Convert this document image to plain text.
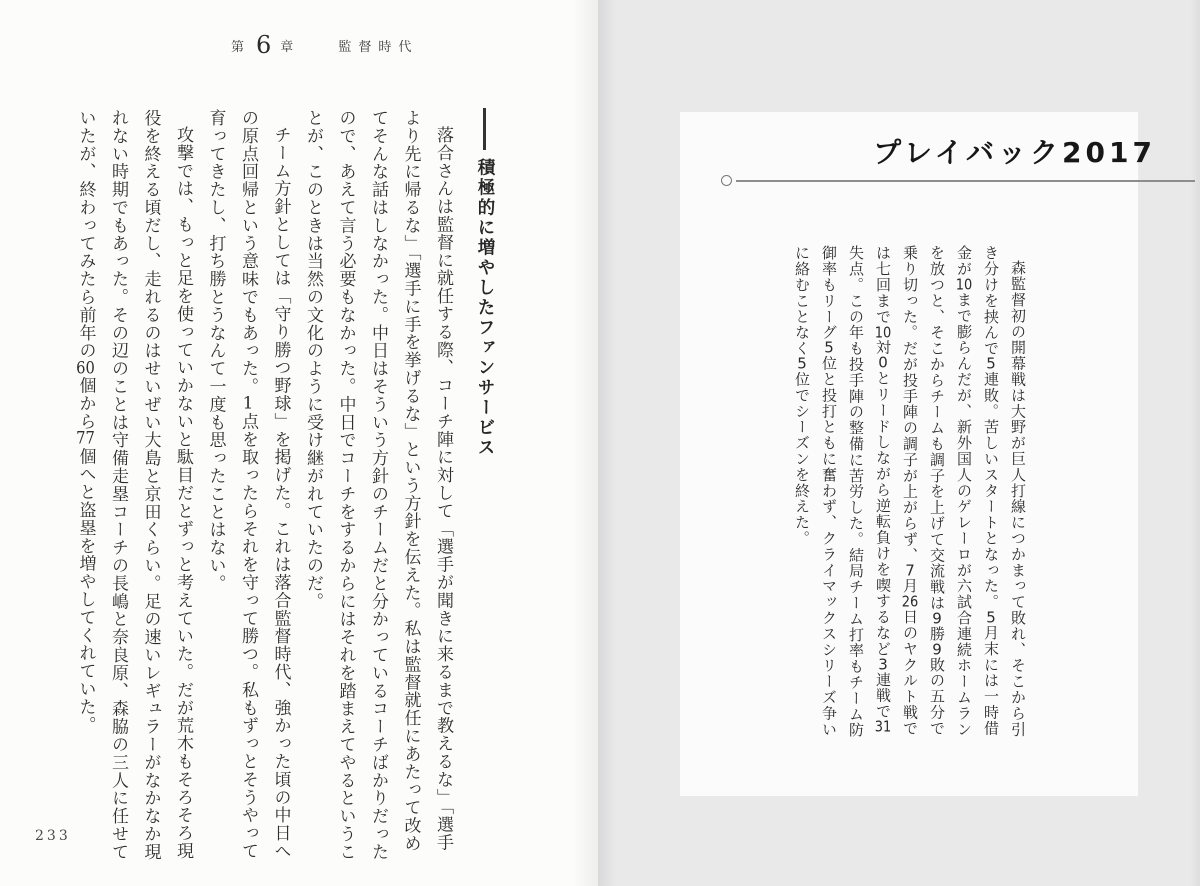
第 6 章	監督時代
積極的に増やしたファンサービス

落合さんは監督に就任する際、コーチ陣に対して「選手が聞きに来るまで教えるな」「選手より先に帰るな」「選手に手を挙げるな」という方針を伝えた。私は監督就任にあたって改めてそんな話はしなかった。中日はそういう方針のチームだと分かっているコーチばかりだったので、あえて言う必要もなかった。中日でコーチをするからにはそれを踏まえてやるということが、このときは当然の文化のように受け継がれていたのだ。

チーム方針としては「守り勝つ野球」を掲げた。これは落合監督時代、強かった頃の中日への原点回帰という意味でもあった。1点を取ったらそれを守って勝つ。私もずっとそうやって育ってきたし、打ち勝とうなんて一度も思ったことはない。

攻撃では、もっと足を使っていかないと駄目だとずっと考えていた。だが荒木もそろそろ現役を終える頃だし、走れるのはせいぜい大島と京田くらい。足の速いレギュラーがなかなか現れない時期でもあった。その辺のことは守備走塁コーチの長嶋と奈良原、森脇の三人に任せていたが、終わってみたら前年の60個から77個へと盗塁を増やしてくれていた。

233
プレイバック2017

森監督初の開幕戦は大野が巨人打線につかまって敗れ、そこから引き分けを挟んで5連敗。苦しいスタートとなった。5月末には一時借金が10まで膨らんだが、新外国人のゲレーロが六試合連続ホームランを放つと、そこからチームも調子を上げて交流戦は9勝9敗の五分で乗り切った。だが投手陣の調子が上がらず、7月26日のヤクルト戦では七回まで10対0とリードしながら逆転負けを喫するなど3連戦で31失点。この年も投手陣の整備に苦労した。結局チーム打率もチーム防御率もリーグ5位と投打ともに奮わず、クライマックスシリーズ争いに絡むことなく5位でシーズンを終えた。
